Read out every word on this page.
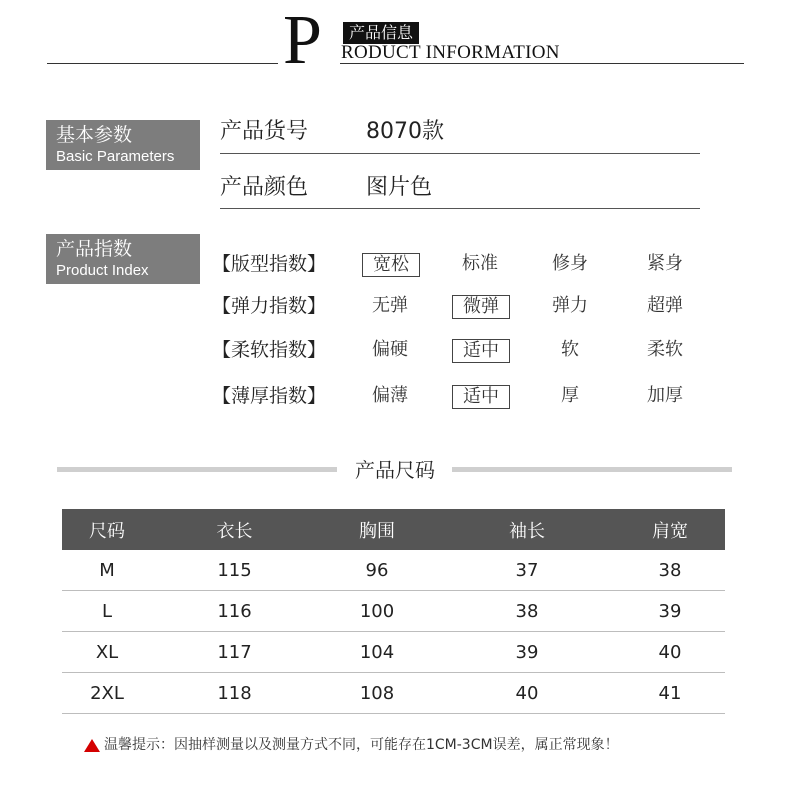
P	产品信息
RODUCT INFORMATION
基本参数
Basic Parameters
产品货号	8070款
产品颜色	图片色
产品指数
Product Index	【版型指数】	宽松	标准	修身	紧身
【弹力指数】	无弹	微弹	弹力	超弹
【柔软指数】	偏硬	适中	软	柔软
【薄厚指数】	偏薄	适中	厚	加厚
产品尺码
尺码	衣长	胸围	袖长	肩宽
M	115	96	37	38
L	116	100	38	39
XL	117	104	39	40
2XL	118	108	40	41
温馨提示：因抽样测量以及测量方式不同，可能存在1CM-3CM误差，属正常现象！
